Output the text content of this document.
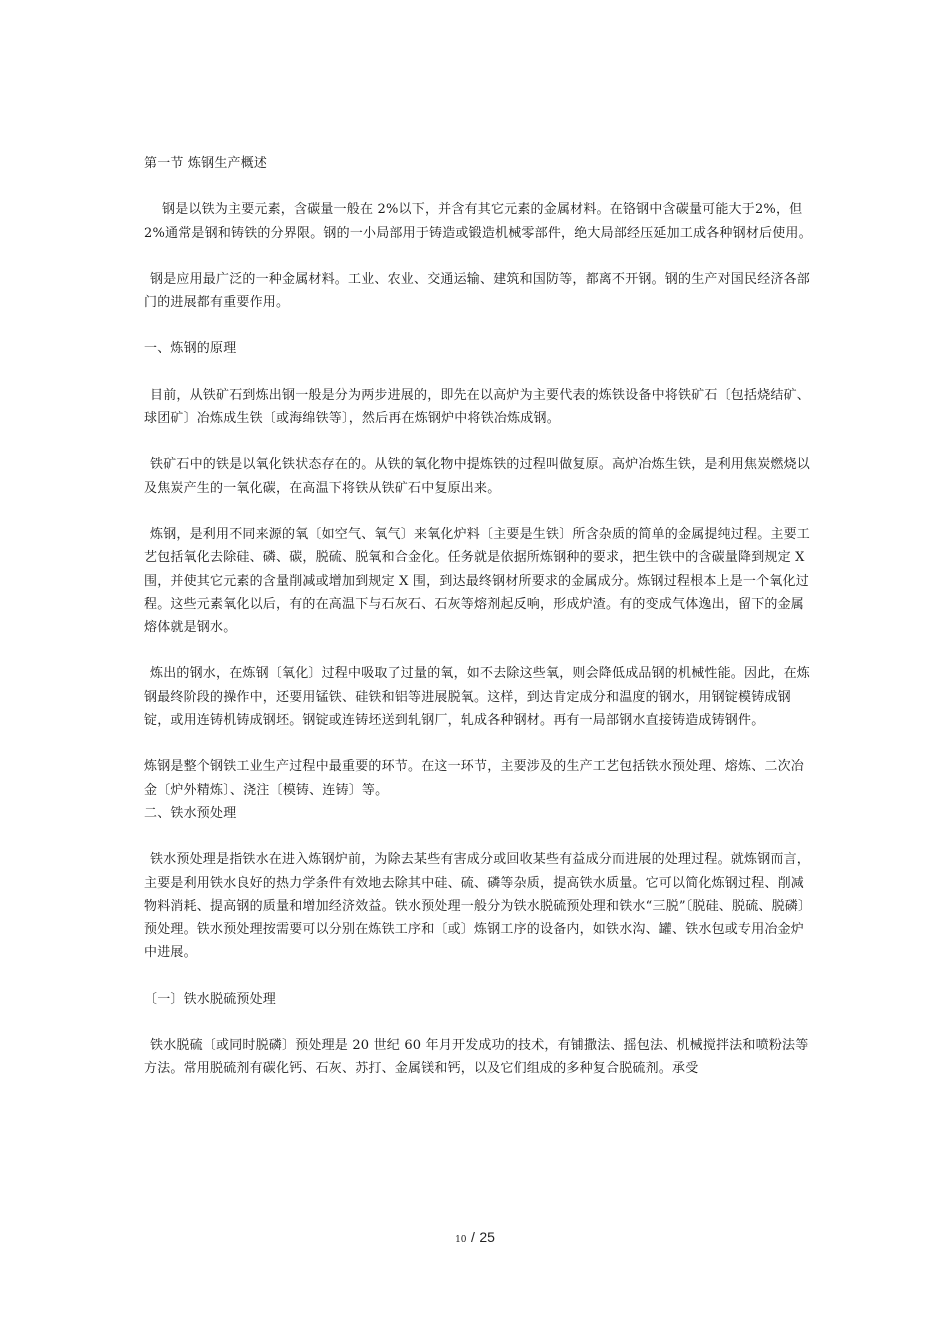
第一节 炼钢生产概述

钢是以铁为主要元素，含碳量一般在 2%以下，并含有其它元素的金属材料。在铬钢中含碳量可能大于2%，但 2%通常是钢和铸铁的分界限。钢的一小局部用于铸造或锻造机械零部件，绝大局部经压延加工成各种钢材后使用。

钢是应用最广泛的一种金属材料。工业、农业、交通运输、建筑和国防等，都离不开钢。钢的生产对国民经济各部门的进展都有重要作用。

一、炼钢的原理

目前，从铁矿石到炼出钢一般是分为两步进展的，即先在以高炉为主要代表的炼铁设备中将铁矿石〔包括烧结矿、球团矿〕冶炼成生铁〔或海绵铁等〕，然后再在炼钢炉中将铁冶炼成钢。

铁矿石中的铁是以氧化铁状态存在的。从铁的氧化物中提炼铁的过程叫做复原。高炉冶炼生铁，是利用焦炭燃烧以及焦炭产生的一氧化碳，在高温下将铁从铁矿石中复原出来。

炼钢，是利用不同来源的氧〔如空气、氧气〕来氧化炉料〔主要是生铁〕所含杂质的简单的金属提纯过程。主要工艺包括氧化去除硅、磷、碳，脱硫、脱氧和合金化。任务就是依据所炼钢种的要求，把生铁中的含碳量降到规定 X 围，并使其它元素的含量削减或增加到规定 X 围，到达最终钢材所要求的金属成分。炼钢过程根本上是一个氧化过程。这些元素氧化以后，有的在高温下与石灰石、石灰等熔剂起反响，形成炉渣。有的变成气体逸出，留下的金属熔体就是钢水。

炼出的钢水，在炼钢〔氧化〕过程中吸取了过量的氧，如不去除这些氧，则会降低成品钢的机械性能。因此，在炼钢最终阶段的操作中，还要用锰铁、硅铁和铝等进展脱氧。这样，到达肯定成分和温度的钢水，用钢锭模铸成钢锭，或用连铸机铸成钢坯。钢锭或连铸坯送到轧钢厂，轧成各种钢材。再有一局部钢水直接铸造成铸钢件。

炼钢是整个钢铁工业生产过程中最重要的环节。在这一环节，主要涉及的生产工艺包括铁水预处理、熔炼、二次冶金〔炉外精炼〕、浇注〔模铸、连铸〕等。

二、铁水预处理

铁水预处理是指铁水在进入炼钢炉前，为除去某些有害成分或回收某些有益成分而进展的处理过程。就炼钢而言，主要是利用铁水良好的热力学条件有效地去除其中硅、硫、磷等杂质，提高铁水质量。它可以简化炼钢过程、削减物料消耗、提高钢的质量和增加经济效益。铁水预处理一般分为铁水脱硫预处理和铁水“三脱”〔脱硅、脱硫、脱磷〕预处理。铁水预处理按需要可以分别在炼铁工序和〔或〕炼钢工序的设备内，如铁水沟、罐、铁水包或专用冶金炉中进展。

〔一〕铁水脱硫预处理

铁水脱硫〔或同时脱磷〕预处理是 20 世纪 60 年月开发成功的技术，有铺撒法、摇包法、机械搅拌法和喷粉法等方法。常用脱硫剂有碳化钙、石灰、苏打、金属镁和钙，以及它们组成的多种复合脱硫剂。承受

10 / 25
